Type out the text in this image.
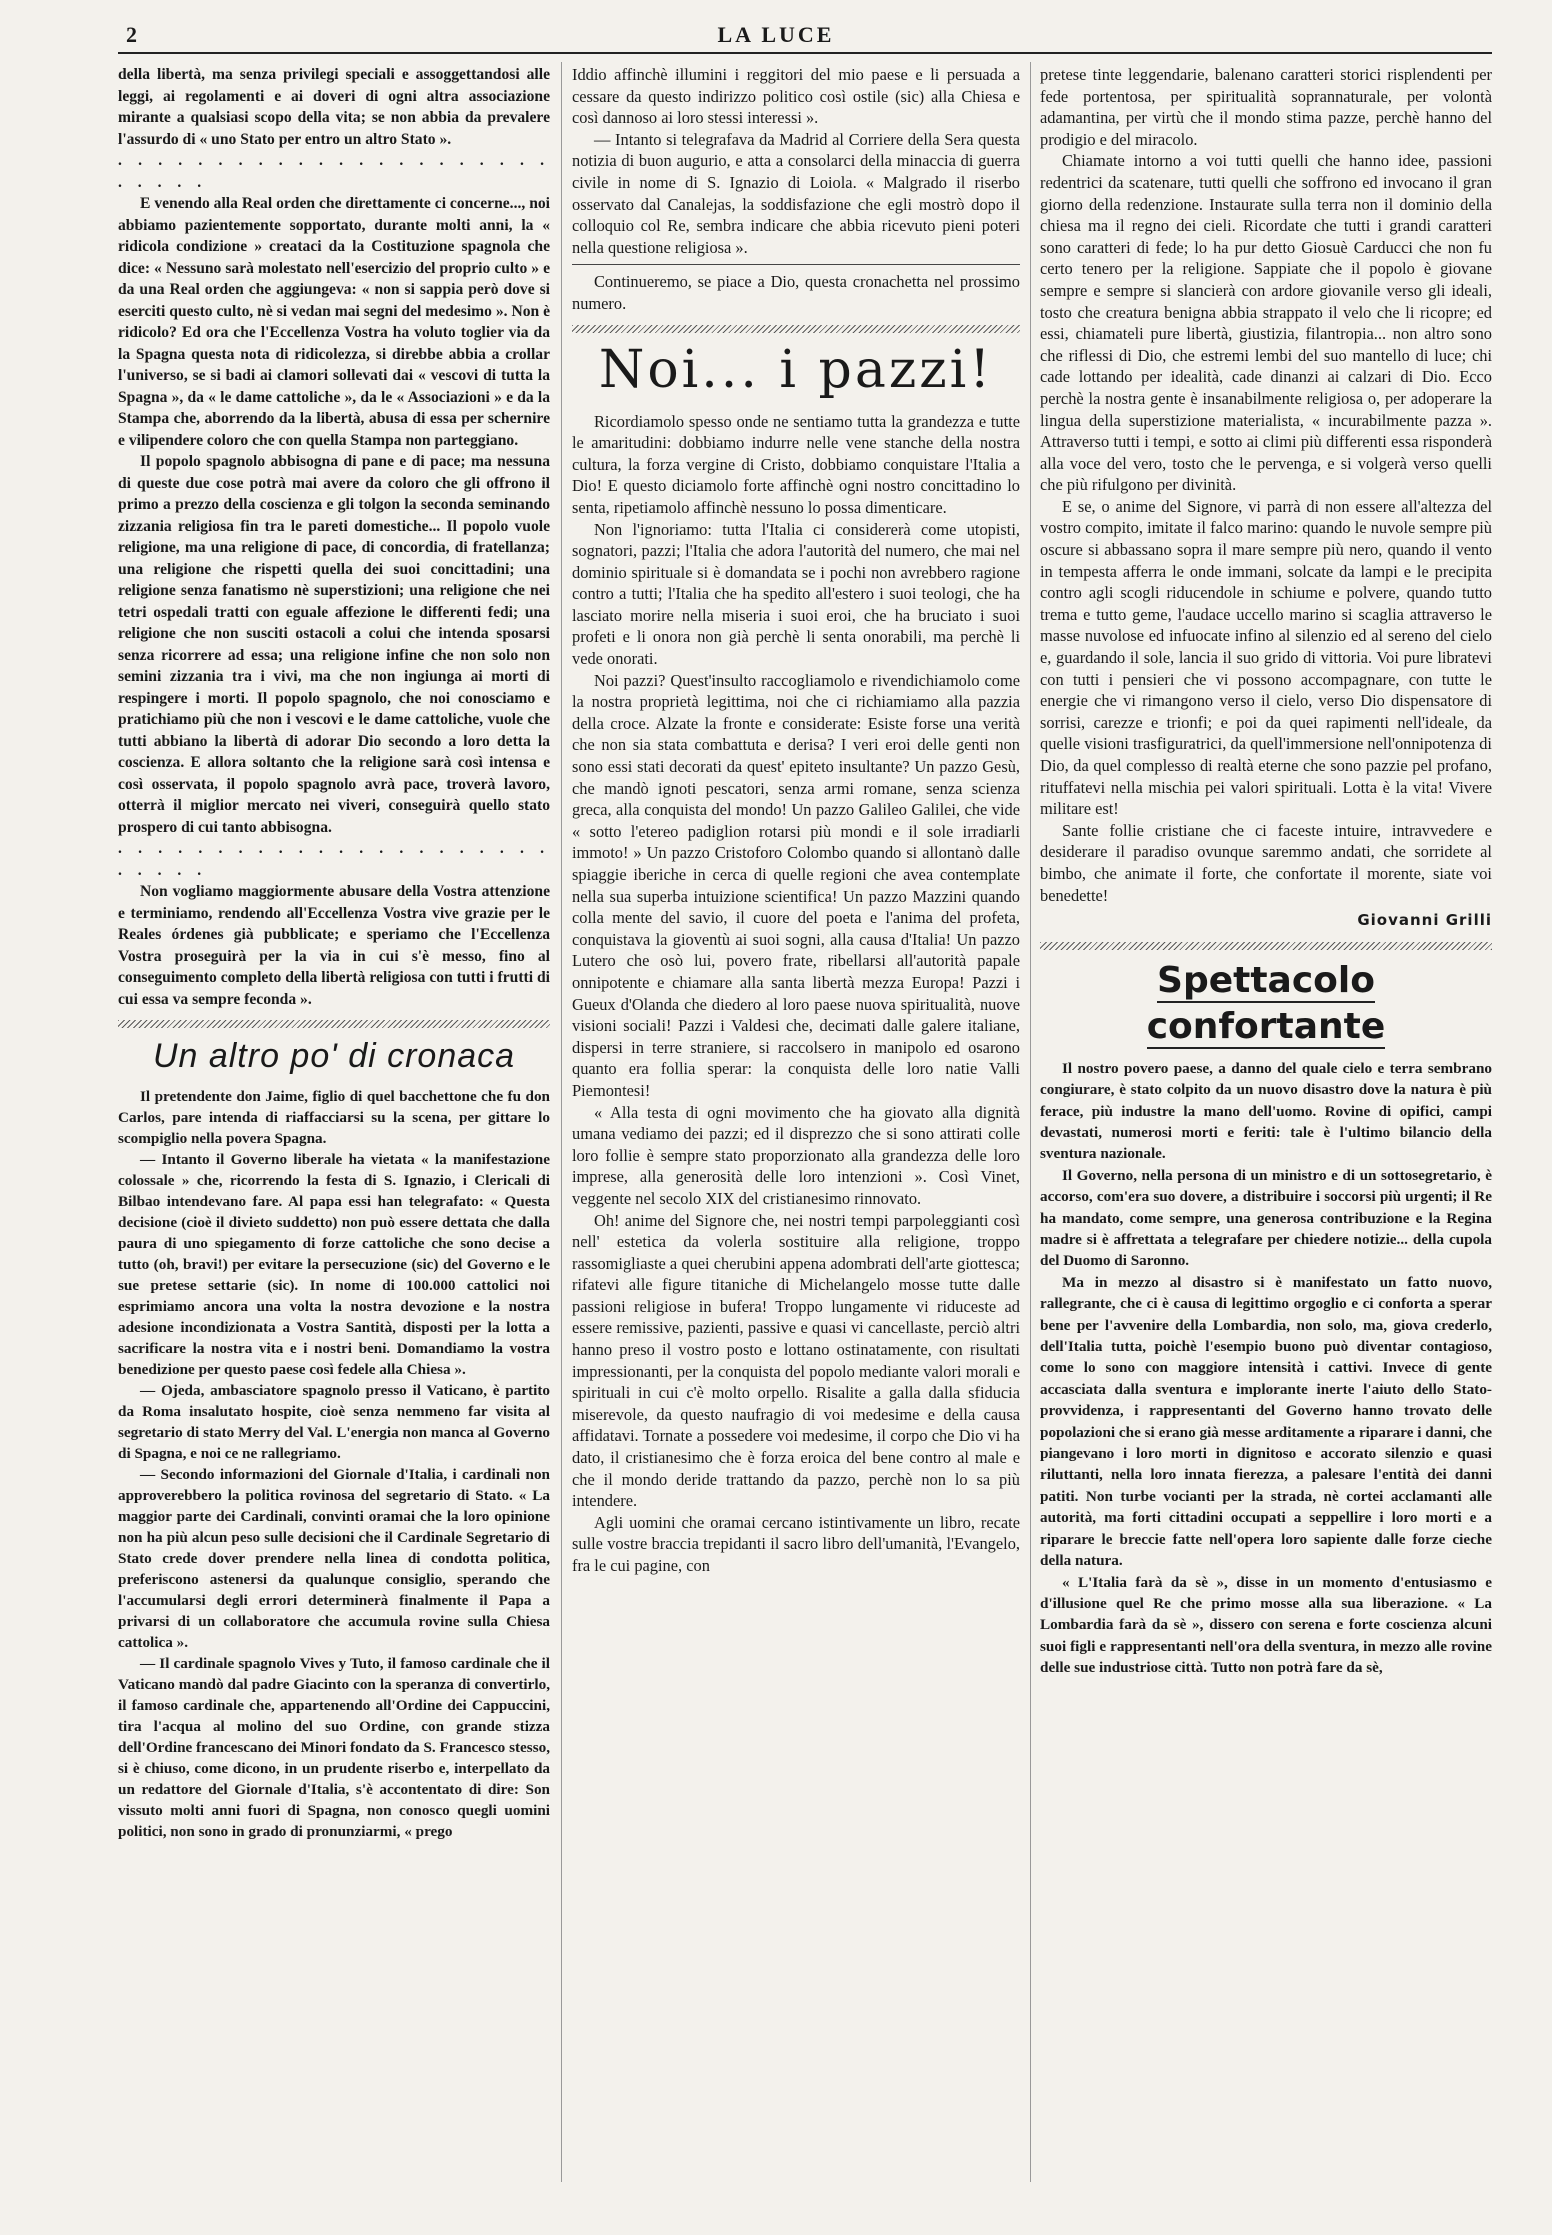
2	LA LUCE

della libertà, ma senza privilegi speciali e assoggettandosi alle leggi, ai regolamenti e ai doveri di ogni altra associazione mirante a qualsiasi scopo della vita; se non abbia da prevalere l'assurdo di « uno Stato per entro un altro Stato ».

. . . . . . . . . . . . . . . . . . . . . . . . . . .

E venendo alla Real orden che direttamente ci concerne..., noi abbiamo pazientemente sopportato, durante molti anni, la « ridicola condizione » creataci da la Costituzione spagnola che dice: « Nessuno sarà molestato nell'esercizio del proprio culto » e da una Real orden che aggiungeva: « non si sappia però dove si eserciti questo culto, nè si vedan mai segni del medesimo ». Non è ridicolo? Ed ora che l'Eccellenza Vostra ha voluto toglier via da la Spagna questa nota di ridicolezza, si direbbe abbia a crollar l'universo, se si badi ai clamori sollevati dai « vescovi di tutta la Spagna », da « le dame cattoliche », da le « Associazioni » e da la Stampa che, aborrendo da la libertà, abusa di essa per schernire e vilipendere coloro che con quella Stampa non parteggiano.

Il popolo spagnolo abbisogna di pane e di pace; ma nessuna di queste due cose potrà mai avere da coloro che gli offrono il primo a prezzo della coscienza e gli tolgon la seconda seminando zizzania religiosa fin tra le pareti domestiche... Il popolo vuole religione, ma una religione di pace, di concordia, di fratellanza; una religione che rispetti quella dei suoi concittadini; una religione senza fanatismo nè superstizioni; una religione che nei tetri ospedali tratti con eguale affezione le differenti fedi; una religione che non susciti ostacoli a colui che intenda sposarsi senza ricorrere ad essa; una religione infine che non solo non semini zizzania tra i vivi, ma che non ingiunga ai morti di respingere i morti. Il popolo spagnolo, che noi conosciamo e pratichiamo più che non i vescovi e le dame cattoliche, vuole che tutti abbiano la libertà di adorar Dio secondo a loro detta la coscienza. E allora soltanto che la religione sarà così intensa e così osservata, il popolo spagnolo avrà pace, troverà lavoro, otterrà il miglior mercato nei viveri, conseguirà quello stato prospero di cui tanto abbisogna.

. . . . . . . . . . . . . . . . . . . . . . . . . . .

Non vogliamo maggiormente abusare della Vostra attenzione e terminiamo, rendendo all'Eccellenza Vostra vive grazie per le Reales órdenes già pubblicate; e speriamo che l'Eccellenza Vostra proseguirà per la via in cui s'è messo, fino al conseguimento completo della libertà religiosa con tutti i frutti di cui essa va sempre feconda ».

Un altro po' di cronaca

Il pretendente don Jaime, figlio di quel bacchettone che fu don Carlos, pare intenda di riaffacciarsi su la scena, per gittare lo scompiglio nella povera Spagna.

— Intanto il Governo liberale ha vietata « la manifestazione colossale » che, ricorrendo la festa di S. Ignazio, i Clericali di Bilbao intendevano fare. Al papa essi han telegrafato: « Questa decisione (cioè il divieto suddetto) non può essere dettata che dalla paura di uno spiegamento di forze cattoliche che sono decise a tutto (oh, bravi!) per evitare la persecuzione (sic) del Governo e le sue pretese settarie (sic). In nome di 100.000 cattolici noi esprimiamo ancora una volta la nostra devozione e la nostra adesione incondizionata a Vostra Santità, disposti per la lotta a sacrificare la nostra vita e i nostri beni. Domandiamo la vostra benedizione per questo paese così fedele alla Chiesa ».

— Ojeda, ambasciatore spagnolo presso il Vaticano, è partito da Roma insalutato hospite, cioè senza nemmeno far visita al segretario di stato Merry del Val. L'energia non manca al Governo di Spagna, e noi ce ne rallegriamo.

— Secondo informazioni del Giornale d'Italia, i cardinali non approverebbero la politica rovinosa del segretario di Stato. « La maggior parte dei Cardinali, convinti oramai che la loro opinione non ha più alcun peso sulle decisioni che il Cardinale Segretario di Stato crede dover prendere nella linea di condotta politica, preferiscono astenersi da qualunque consiglio, sperando che l'accumularsi degli errori determinerà finalmente il Papa a privarsi di un collaboratore che accumula rovine sulla Chiesa cattolica ».

— Il cardinale spagnolo Vives y Tuto, il famoso cardinale che il Vaticano mandò dal padre Giacinto con la speranza di convertirlo, il famoso cardinale che, appartenendo all'Ordine dei Cappuccini, tira l'acqua al molino del suo Ordine, con grande stizza dell'Ordine francescano dei Minori fondato da S. Francesco stesso, si è chiuso, come dicono, in un prudente riserbo e, interpellato da un redattore del Giornale d'Italia, s'è accontentato di dire: Son vissuto molti anni fuori di Spagna, non conosco quegli uomini politici, non sono in grado di pronunziarmi, « prego

Iddio affinchè illumini i reggitori del mio paese e li persuada a cessare da questo indirizzo politico così ostile (sic) alla Chiesa e così dannoso ai loro stessi interessi ».

— Intanto si telegrafava da Madrid al Corriere della Sera questa notizia di buon augurio, e atta a consolarci della minaccia di guerra civile in nome di S. Ignazio di Loiola. « Malgrado il riserbo osservato dal Canalejas, la soddisfazione che egli mostrò dopo il colloquio col Re, sembra indicare che abbia ricevuto pieni poteri nella questione religiosa ».

Continueremo, se piace a Dio, questa cronachetta nel prossimo numero.

Noi... i pazzi!

Ricordiamolo spesso onde ne sentiamo tutta la grandezza e tutte le amaritudini: dobbiamo indurre nelle vene stanche della nostra cultura, la forza vergine di Cristo, dobbiamo conquistare l'Italia a Dio! E questo diciamolo forte affinchè ogni nostro concittadino lo senta, ripetiamolo affinchè nessuno lo possa dimenticare.

Non l'ignoriamo: tutta l'Italia ci considererà come utopisti, sognatori, pazzi; l'Italia che adora l'autorità del numero, che mai nel dominio spirituale si è domandata se i pochi non avrebbero ragione contro a tutti; l'Italia che ha spedito all'estero i suoi teologi, che ha lasciato morire nella miseria i suoi eroi, che ha bruciato i suoi profeti e li onora non già perchè li senta onorabili, ma perchè li vede onorati.

Noi pazzi? Quest'insulto raccogliamolo e rivendichiamolo come la nostra proprietà legittima, noi che ci richiamiamo alla pazzia della croce. Alzate la fronte e considerate: Esiste forse una verità che non sia stata combattuta e derisa? I veri eroi delle genti non sono essi stati decorati da quest' epiteto insultante? Un pazzo Gesù, che mandò ignoti pescatori, senza armi romane, senza scienza greca, alla conquista del mondo! Un pazzo Galileo Galilei, che vide « sotto l'etereo padiglion rotarsi più mondi e il sole irradiarli immoto! » Un pazzo Cristoforo Colombo quando si allontanò dalle spiaggie iberiche in cerca di quelle regioni che avea contemplate nella sua superba intuizione scientifica! Un pazzo Mazzini quando colla mente del savio, il cuore del poeta e l'anima del profeta, conquistava la gioventù ai suoi sogni, alla causa d'Italia! Un pazzo Lutero che osò lui, povero frate, ribellarsi all'autorità papale onnipotente e chiamare alla santa libertà mezza Europa! Pazzi i Gueux d'Olanda che diedero al loro paese nuova spiritualità, nuove visioni sociali! Pazzi i Valdesi che, decimati dalle galere italiane, dispersi in terre straniere, si raccolsero in manipolo ed osarono quanto era follia sperar: la conquista delle loro natie Valli Piemontesi!

« Alla testa di ogni movimento che ha giovato alla dignità umana vediamo dei pazzi; ed il disprezzo che si sono attirati colle loro follie è sempre stato proporzionato alla grandezza delle loro imprese, alla generosità delle loro intenzioni ». Così Vinet, veggente nel secolo XIX del cristianesimo rinnovato.

Oh! anime del Signore che, nei nostri tempi parpoleggianti così nell' estetica da volerla sostituire alla religione, troppo rassomigliaste a quei cherubini appena adombrati dell'arte giottesca; rifatevi alle figure titaniche di Michelangelo mosse tutte dalle passioni religiose in bufera! Troppo lungamente vi riduceste ad essere remissive, pazienti, passive e quasi vi cancellaste, perciò altri hanno preso il vostro posto e lottano ostinatamente, con risultati impressionanti, per la conquista del popolo mediante valori morali e spirituali in cui c'è molto orpello. Risalite a galla dalla sfiducia miserevole, da questo naufragio di voi medesime e della causa affidatavi. Tornate a possedere voi medesime, il corpo che Dio vi ha dato, il cristianesimo che è forza eroica del bene contro al male e che il mondo deride trattando da pazzo, perchè non lo sa più intendere.

Agli uomini che oramai cercano istintivamente un libro, recate sulle vostre braccia trepidanti il sacro libro dell'umanità, l'Evangelo, fra le cui pagine, con

pretese tinte leggendarie, balenano caratteri storici risplendenti per fede portentosa, per spiritualità soprannaturale, per volontà adamantina, per virtù che il mondo stima pazze, perchè hanno del prodigio e del miracolo.

Chiamate intorno a voi tutti quelli che hanno idee, passioni redentrici da scatenare, tutti quelli che soffrono ed invocano il gran giorno della redenzione. Instaurate sulla terra non il dominio della chiesa ma il regno dei cieli. Ricordate che tutti i grandi caratteri sono caratteri di fede; lo ha pur detto Giosuè Carducci che non fu certo tenero per la religione. Sappiate che il popolo è giovane sempre e sempre si slancierà con ardore giovanile verso gli ideali, tosto che creatura benigna abbia strappato il velo che li ricopre; ed essi, chiamateli pure libertà, giustizia, filantropia... non altro sono che riflessi di Dio, che estremi lembi del suo mantello di luce; chi cade lottando per idealità, cade dinanzi ai calzari di Dio. Ecco perchè la nostra gente è insanabilmente religiosa o, per adoperare la lingua della superstizione materialista, « incurabilmente pazza ». Attraverso tutti i tempi, e sotto ai climi più differenti essa risponderà alla voce del vero, tosto che le pervenga, e si volgerà verso quelli che più rifulgono per divinità.

E se, o anime del Signore, vi parrà di non essere all'altezza del vostro compito, imitate il falco marino: quando le nuvole sempre più oscure si abbassano sopra il mare sempre più nero, quando il vento in tempesta afferra le onde immani, solcate da lampi e le precipita contro agli scogli riducendole in schiume e polvere, quando tutto trema e tutto geme, l'audace uccello marino si scaglia attraverso le masse nuvolose ed infuocate infino al silenzio ed al sereno del cielo e, guardando il sole, lancia il suo grido di vittoria. Voi pure libratevi con tutti i pensieri che vi possono accompagnare, con tutte le energie che vi rimangono verso il cielo, verso Dio dispensatore di sorrisi, carezze e trionfi; e poi da quei rapimenti nell'ideale, da quelle visioni trasfiguratrici, da quell'immersione nell'onnipotenza di Dio, da quel complesso di realtà eterne che sono pazzie pel profano, rituffatevi nella mischia pei valori spirituali. Lotta è la vita! Vivere militare est!

Sante follie cristiane che ci faceste intuire, intravvedere e desiderare il paradiso ovunque saremmo andati, che sorridete al bimbo, che animate il forte, che confortate il morente, siate voi benedette!

Giovanni Grilli
Spettacolo confortante

Il nostro povero paese, a danno del quale cielo e terra sembrano congiurare, è stato colpito da un nuovo disastro dove la natura è più ferace, più industre la mano dell'uomo. Rovine di opifici, campi devastati, numerosi morti e feriti: tale è l'ultimo bilancio della sventura nazionale.

Il Governo, nella persona di un ministro e di un sottosegretario, è accorso, com'era suo dovere, a distribuire i soccorsi più urgenti; il Re ha mandato, come sempre, una generosa contribuzione e la Regina madre si è affrettata a telegrafare per chiedere notizie... della cupola del Duomo di Saronno.

Ma in mezzo al disastro si è manifestato un fatto nuovo, rallegrante, che ci è causa di legittimo orgoglio e ci conforta a sperar bene per l'avvenire della Lombardia, non solo, ma, giova crederlo, dell'Italia tutta, poichè l'esempio buono può diventar contagioso, come lo sono con maggiore intensità i cattivi. Invece di gente accasciata dalla sventura e implorante inerte l'aiuto dello Stato-provvidenza, i rappresentanti del Governo hanno trovato delle popolazioni che si erano già messe arditamente a riparare i danni, che piangevano i loro morti in dignitoso e accorato silenzio e quasi riluttanti, nella loro innata fierezza, a palesare l'entità dei danni patiti. Non turbe vocianti per la strada, nè cortei acclamanti alle autorità, ma forti cittadini occupati a seppellire i loro morti e a riparare le breccie fatte nell'opera loro sapiente dalle forze cieche della natura.

« L'Italia farà da sè », disse in un momento d'entusiasmo e d'illusione quel Re che primo mosse alla sua liberazione. « La Lombardia farà da sè », dissero con serena e forte coscienza alcuni suoi figli e rappresentanti nell'ora della sventura, in mezzo alle rovine delle sue industriose città. Tutto non potrà fare da sè,
